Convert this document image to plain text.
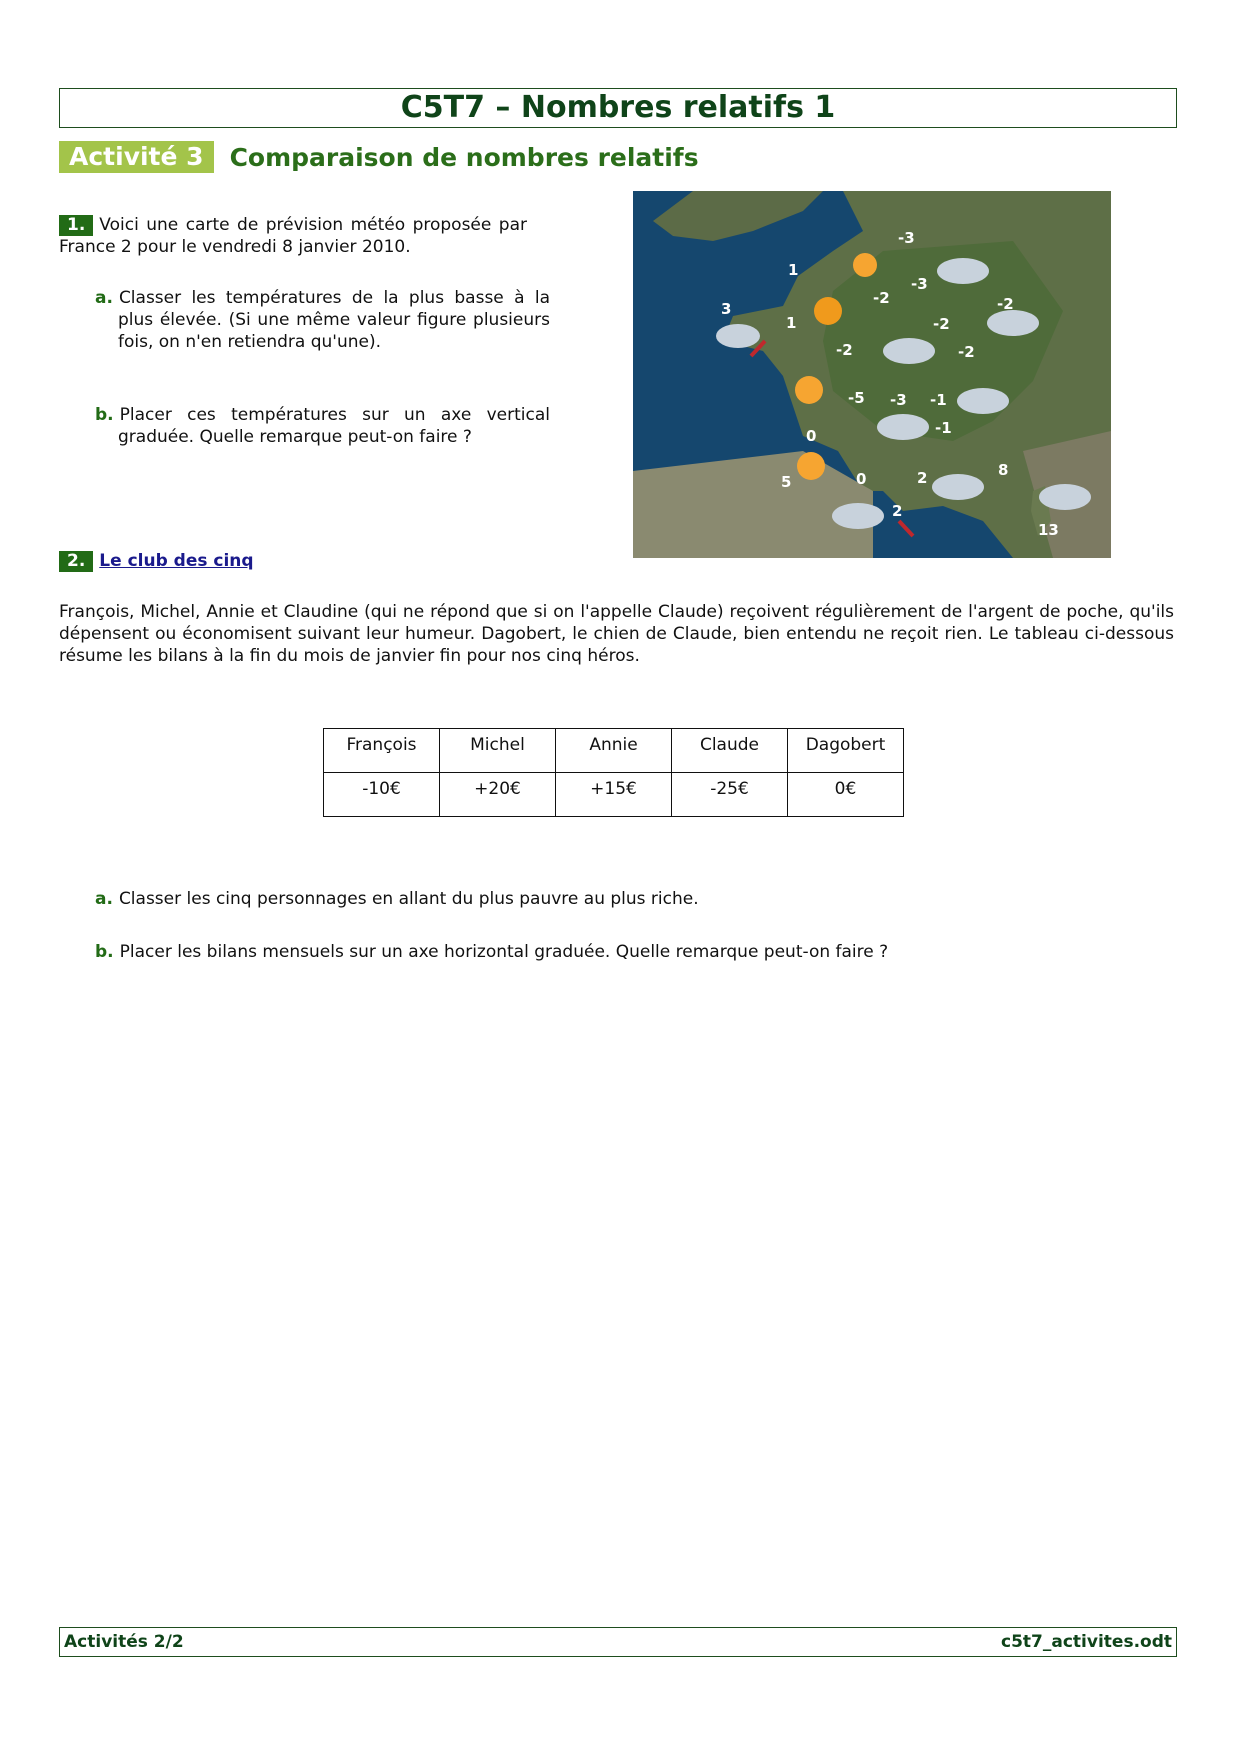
C5T7 – Nombres relatifs 1
Activité 3	Comparaison de nombres relatifs
1. Voici une carte de prévision météo proposée par France 2 pour le vendredi 8 janvier 2010.
a. Classer les températures de la plus basse à la plus élevée. (Si une même valeur figure plusieurs fois, on n'en retiendra qu'une).
b. Placer ces températures sur un axe vertical graduée. Quelle remarque peut-on faire ?
-3
1
-3
-2	-2
3
1	-2
-2	-2
-5 -3 -1
0	-1
5	0	2	8
2
13
2. Le club des cinq
François, Michel, Annie et Claudine (qui ne répond que si on l'appelle Claude) reçoivent régulièrement de l'argent de poche, qu'ils dépensent ou économisent suivant leur humeur. Dagobert, le chien de Claude, bien entendu ne reçoit rien. Le tableau ci-dessous résume les bilans à la fin du mois de janvier fin pour nos cinq héros.
François	Michel	Annie	Claude	Dagobert
-10€	+20€	+15€	-25€	0€
a. Classer les cinq personnages en allant du plus pauvre au plus riche.
b. Placer les bilans mensuels sur un axe horizontal graduée. Quelle remarque peut-on faire ?
Activités 2/2	c5t7_activites.odt
